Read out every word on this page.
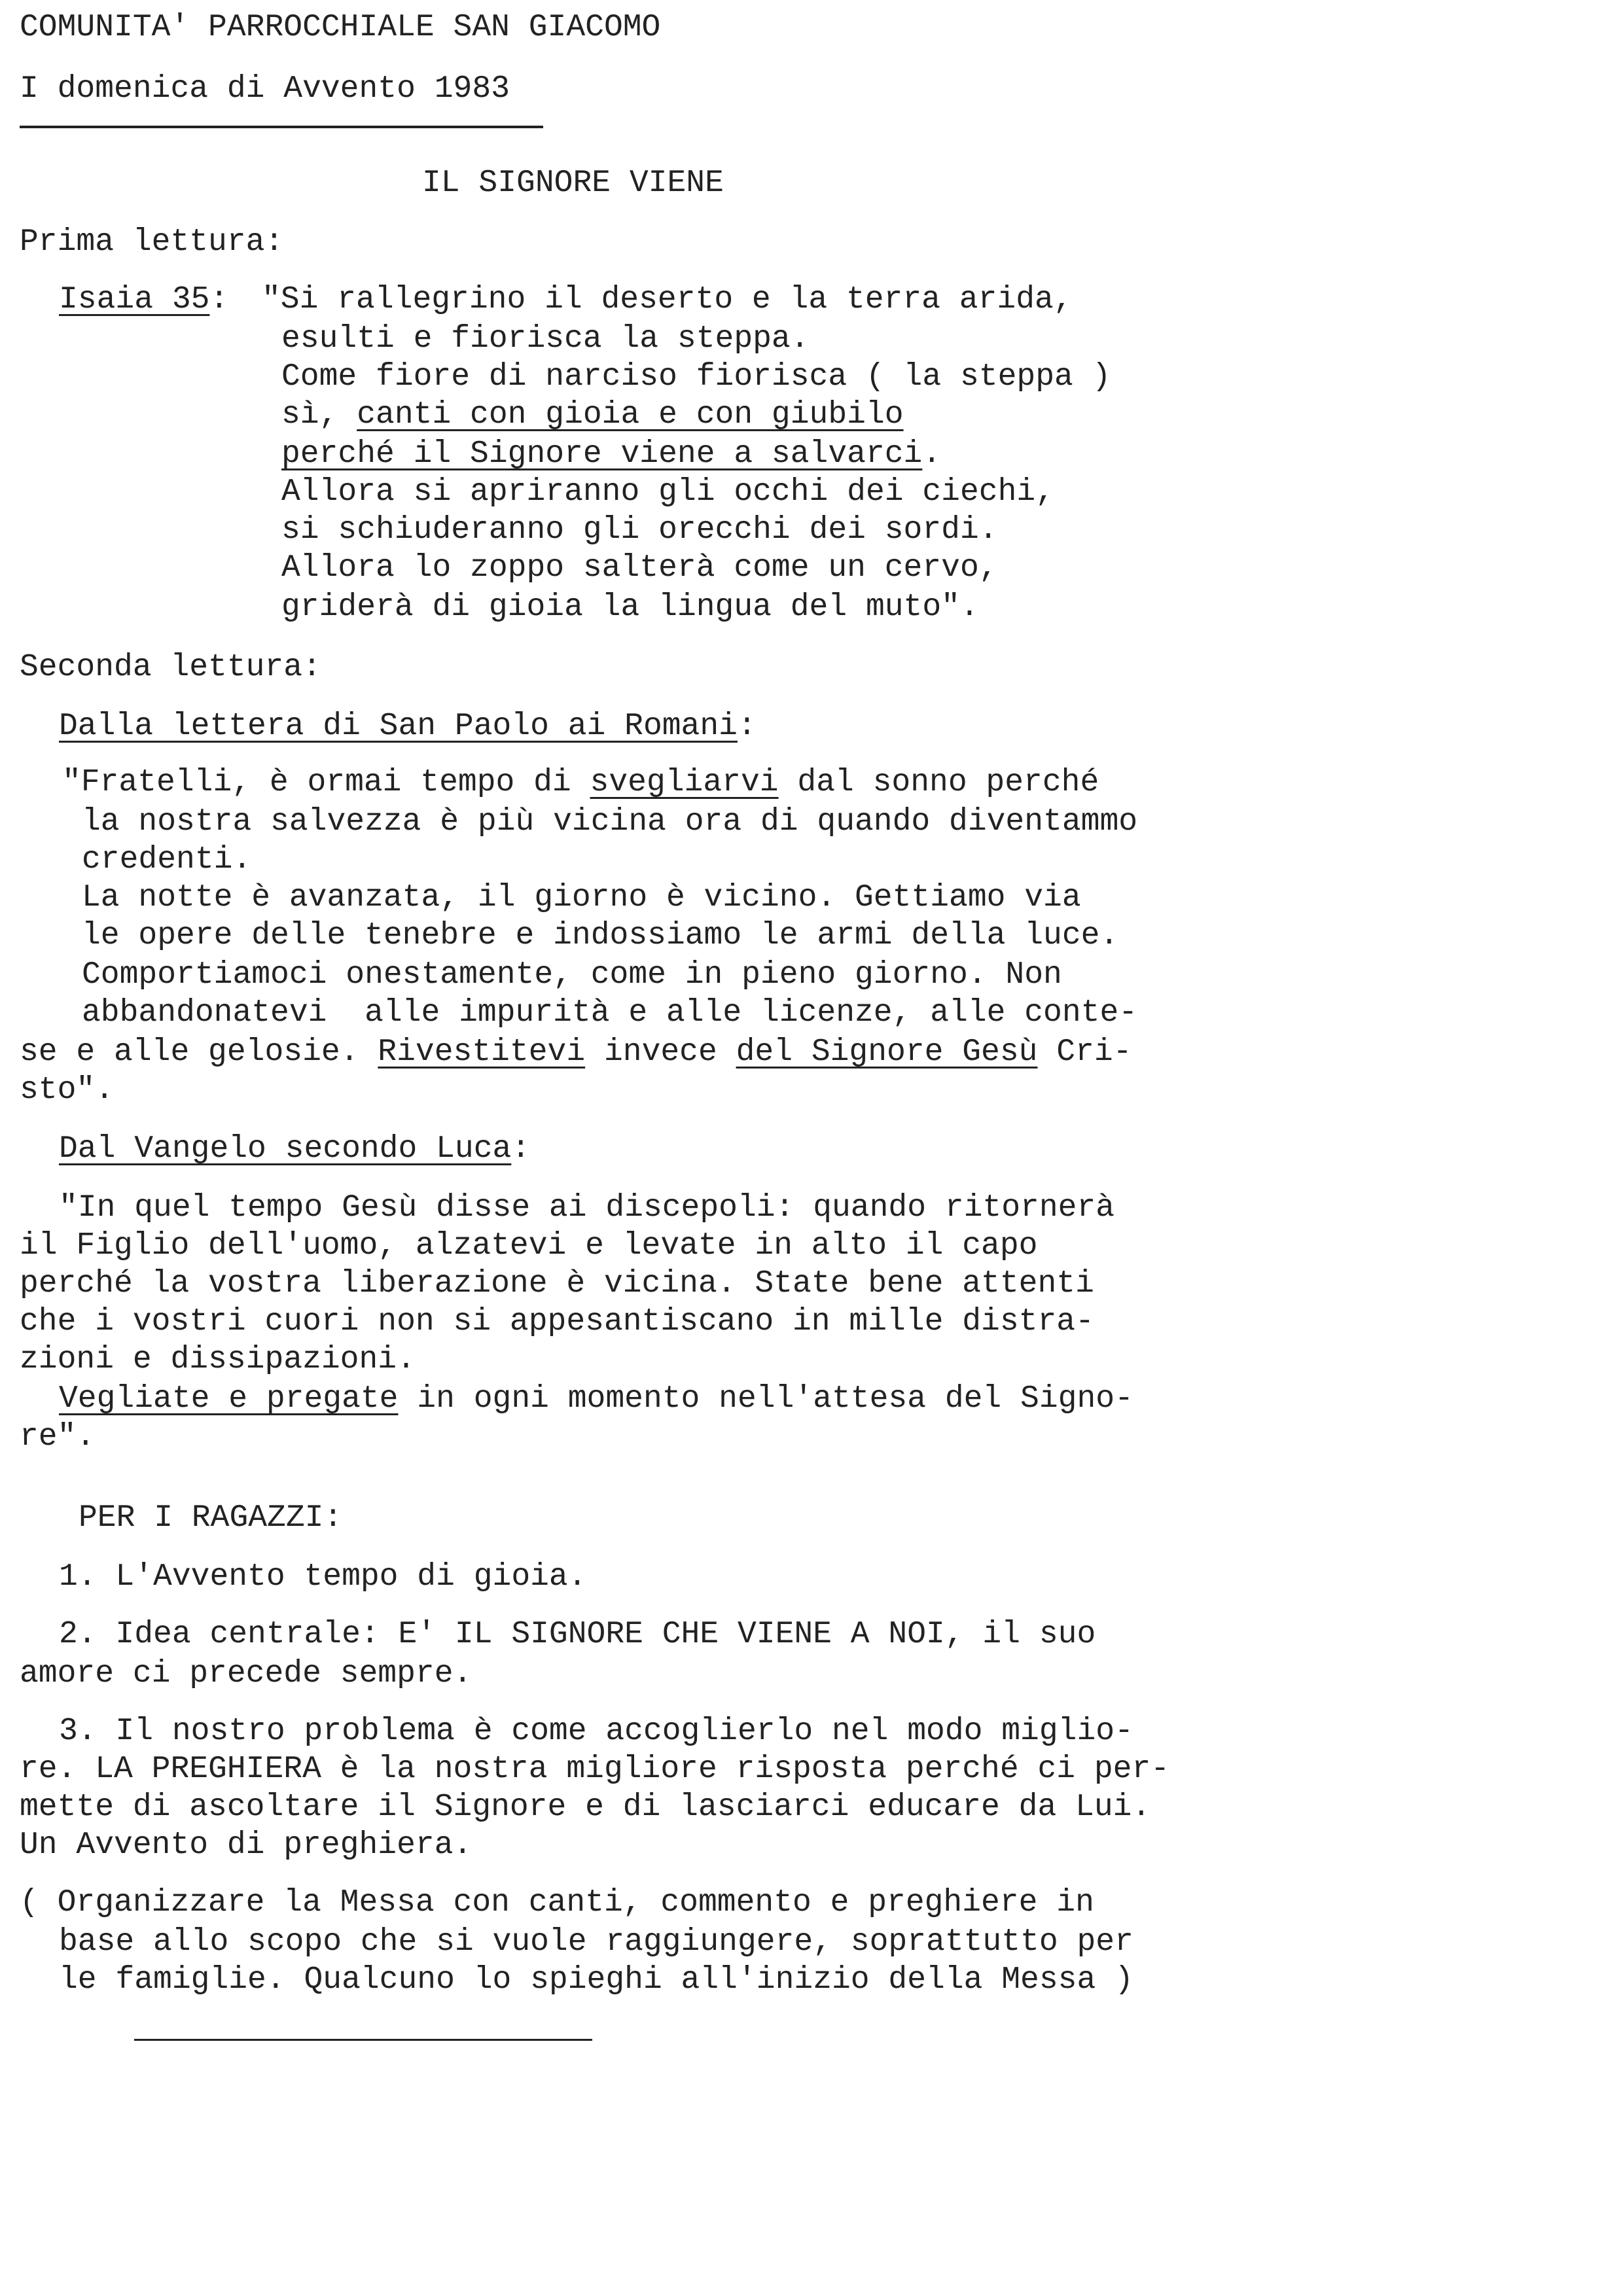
COMUNITA' PARROCCHIALE SAN GIACOMO
I domenica di Avvento 1983
IL SIGNORE VIENE
Prima lettura:
Isaia 35: "Si rallegrino il deserto e la terra arida,
esulti e fiorisca la steppa.
Come fiore di narciso fiorisca ( la steppa )
sì, canti con gioia e con giubilo
perché il Signore viene a salvarci.
Allora si apriranno gli occhi dei ciechi,
si schiuderanno gli orecchi dei sordi.
Allora lo zoppo salterà come un cervo,
griderà di gioia la lingua del muto".
Seconda lettura:
Dalla lettera di San Paolo ai Romani:
"Fratelli, è ormai tempo di svegliarvi dal sonno perché
la nostra salvezza è più vicina ora di quando diventammo
credenti.
La notte è avanzata, il giorno è vicino. Gettiamo via
le opere delle tenebre e indossiamo le armi della luce.
Comportiamoci onestamente, come in pieno giorno. Non
abbandonatevi  alle impurità e alle licenze, alle conte-
se e alle gelosie. Rivestitevi invece del Signore Gesù Cri-
sto".
Dal Vangelo secondo Luca:
"In quel tempo Gesù disse ai discepoli: quando ritornerà
il Figlio dell'uomo, alzatevi e levate in alto il capo
perché la vostra liberazione è vicina. State bene attenti
che i vostri cuori non si appesantiscano in mille distra-
zioni e dissipazioni.
Vegliate e pregate in ogni momento nell'attesa del Signo-
re".
PER I RAGAZZI:
1. L'Avvento tempo di gioia.
2. Idea centrale: E' IL SIGNORE CHE VIENE A NOI, il suo
amore ci precede sempre.
3. Il nostro problema è come accoglierlo nel modo miglio-
re. LA PREGHIERA è la nostra migliore risposta perché ci per-
mette di ascoltare il Signore e di lasciarci educare da Lui.
Un Avvento di preghiera.
( Organizzare la Messa con canti, commento e preghiere in
base allo scopo che si vuole raggiungere, soprattutto per
le famiglie. Qualcuno lo spieghi all'inizio della Messa )
